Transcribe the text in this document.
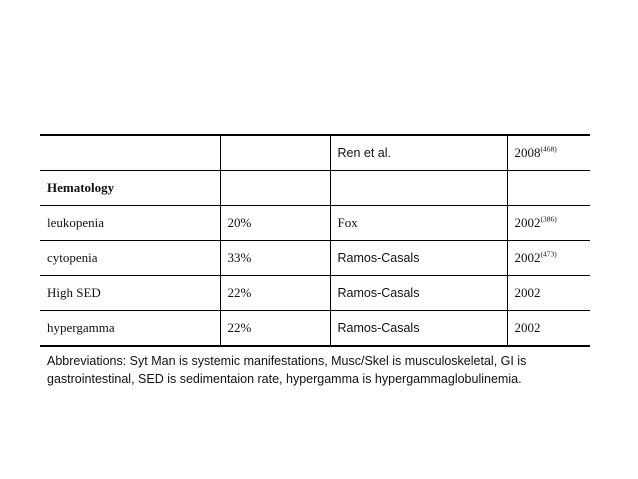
		Ren et al.	2008$^{(468)}$
Hematology			
leukopenia	20%	Fox	2002$^{(386)}$
cytopenia	33%	Ramos-Casals	2002$^{(473)}$
High SED	22%	Ramos-Casals	2002
hypergamma	22%	Ramos-Casals	2002

Abbreviations: Syt Man is systemic manifestations, Musc/Skel is musculoskeletal, GI is gastrointestinal, SED is sedimentaion rate, hypergamma is hypergammaglobulinemia.
